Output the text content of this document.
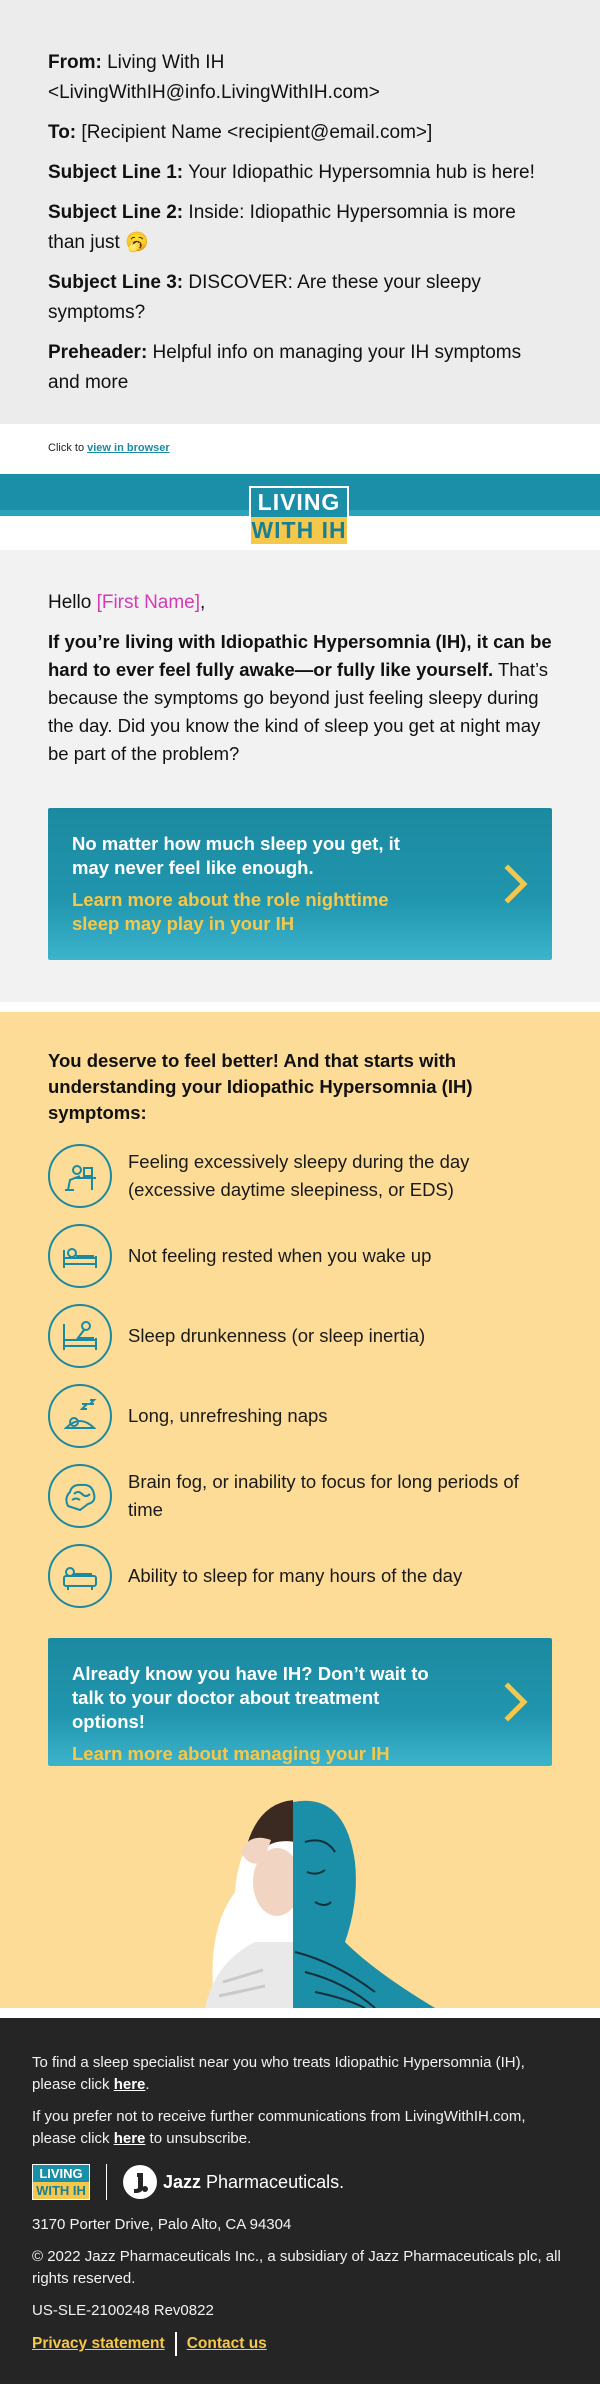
From: Living With IH <LivingWithIH@info.LivingWithIH.com>

To: [Recipient Name <recipient@email.com>]

Subject Line 1: Your Idiopathic Hypersomnia hub is here!

Subject Line 2: Inside: Idiopathic Hypersomnia is more than just 🥱

Subject Line 3: DISCOVER: Are these your sleepy symptoms?

Preheader: Helpful info on managing your IH symptoms and more

Click to view in browser
LIVING
WITH IH

Hello [First Name],

If you’re living with Idiopathic Hypersomnia (IH), it can be hard to ever feel fully awake—or fully like yourself. That’s because the symptoms go beyond just feeling sleepy during the day. Did you know the kind of sleep you get at night may be part of the problem?

No matter how much sleep you get, it may never feel like enough.
Learn more about the role nighttime sleep may play in your IH

You deserve to feel better! And that starts with understanding your Idiopathic Hypersomnia (IH) symptoms:

Feeling excessively sleepy during the day (excessive daytime sleepiness, or EDS)
Not feeling rested when you wake up
Sleep drunkenness (or sleep inertia)
Long, unrefreshing naps
Brain fog, or inability to focus for long periods of time
Ability to sleep for many hours of the day
Already know you have IH? Don’t wait to talk to your doctor about treatment options!
Learn more about managing your IH

To find a sleep specialist near you who treats Idiopathic Hypersomnia (IH), please click here.

If you prefer not to receive further communications from LivingWithIH.com, please click here to unsubscribe.

LIVING
WITH IH	Jazz Pharmaceuticals.

3170 Porter Drive, Palo Alto, CA 94304

© 2022 Jazz Pharmaceuticals Inc., a subsidiary of Jazz Pharmaceuticals plc, all rights reserved.

US-SLE-2100248 Rev0822

Privacy statement Contact us
